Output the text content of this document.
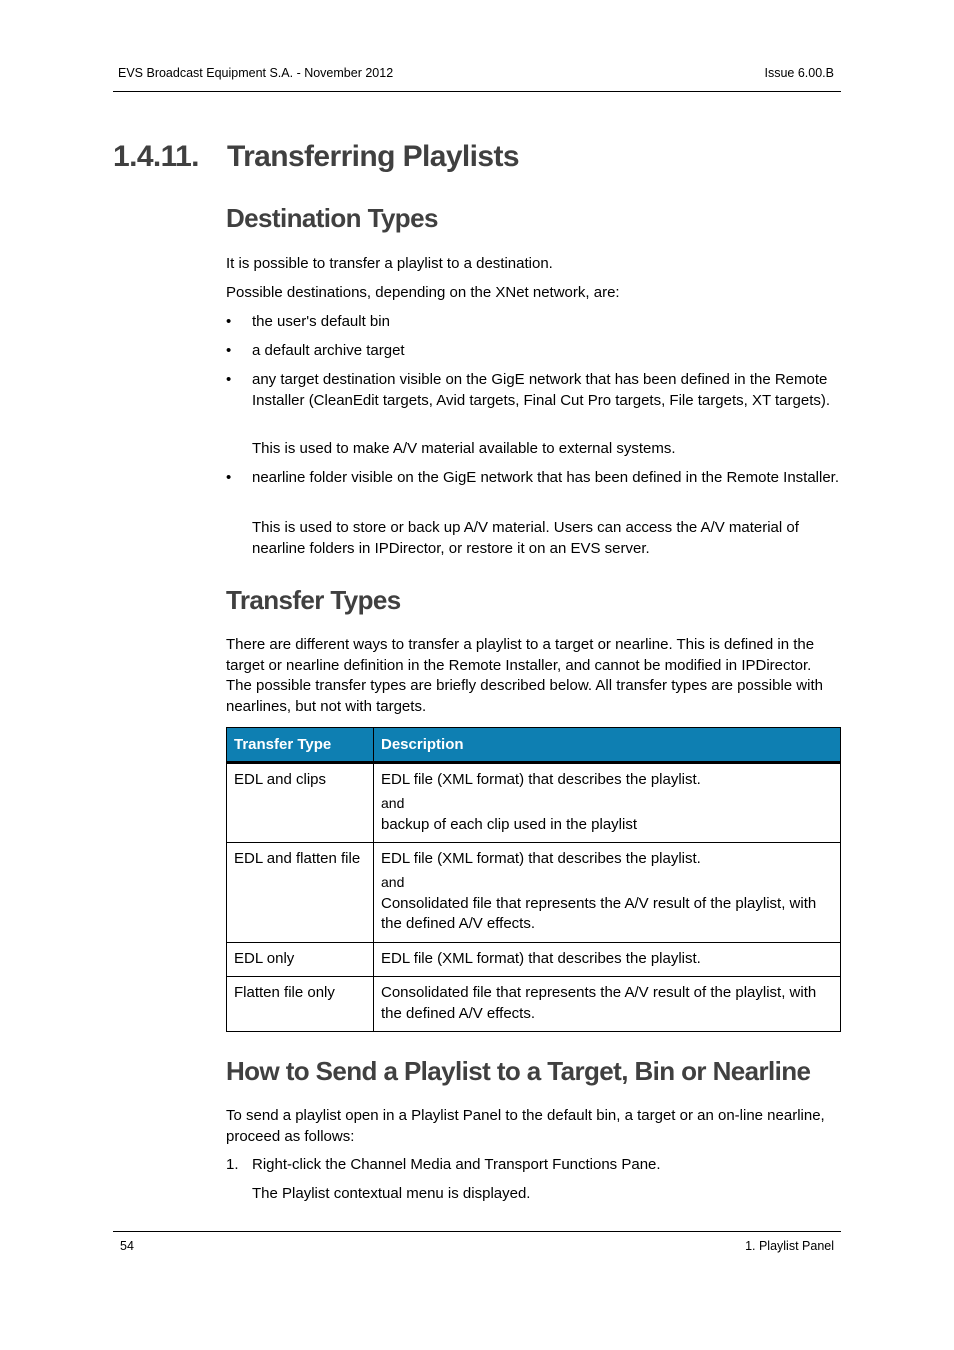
EVS Broadcast Equipment S.A. - November 2012	Issue 6.00.B
1.4.11. Transferring Playlists
Destination Types
It is possible to transfer a playlist to a destination.
Possible destinations, depending on the XNet network, are:
• the user's default bin
• a default archive target
• any target destination visible on the GigE network that has been defined in the Remote Installer (CleanEdit targets, Avid targets, Final Cut Pro targets, File targets, XT targets).
This is used to make A/V material available to external systems.
• nearline folder visible on the GigE network that has been defined in the Remote Installer.
This is used to store or back up A/V material. Users can access the A/V material of nearline folders in IPDirector, or restore it on an EVS server.
Transfer Types
There are different ways to transfer a playlist to a target or nearline. This is defined in the target or nearline definition in the Remote Installer, and cannot be modified in IPDirector. The possible transfer types are briefly described below. All transfer types are possible with nearlines, but not with targets.
Transfer Type	Description
EDL and clips	EDL file (XML format) that describes the playlist.
and
backup of each clip used in the playlist

EDL and flatten file	EDL file (XML format) that describes the playlist.
and
Consolidated file that represents the A/V result of the playlist, with the defined A/V effects.

EDL only	EDL file (XML format) that describes the playlist.

Flatten file only	Consolidated file that represents the A/V result of the playlist, with the defined A/V effects.
How to Send a Playlist to a Target, Bin or Nearline
To send a playlist open in a Playlist Panel to the default bin, a target or an on-line nearline, proceed as follows:
1. Right-click the Channel Media and Transport Functions Pane.
The Playlist contextual menu is displayed.
54	1. Playlist Panel
